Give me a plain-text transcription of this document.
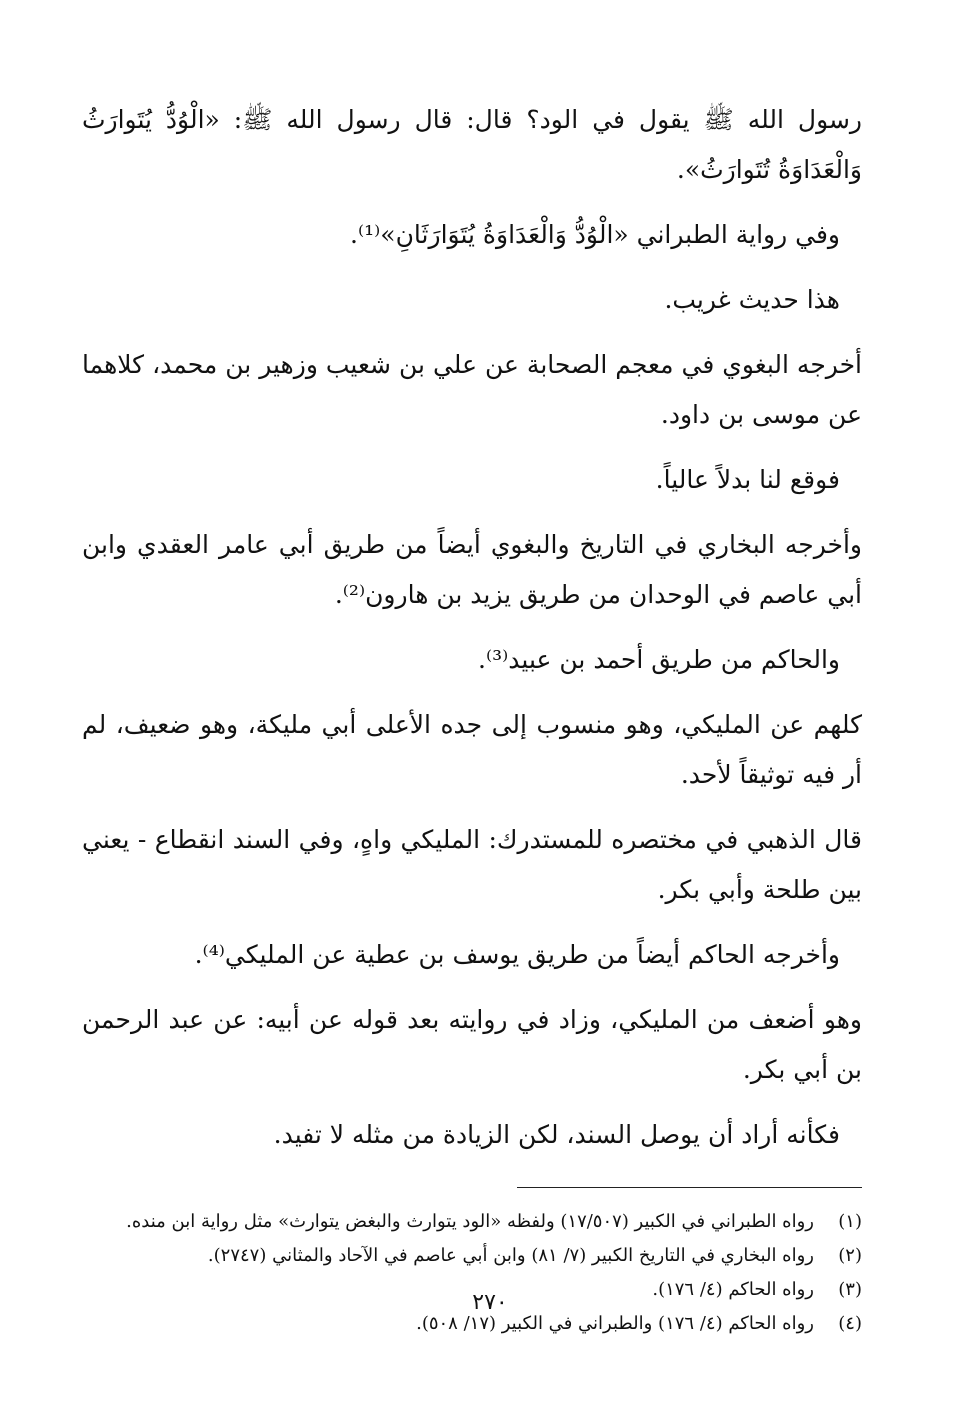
رسول الله ﷺ يقول في الود؟ قال: قال رسول الله ﷺ: «الْوُدُّ يُتَوارَثُ وَالْعَدَاوَةُ تُتَوارَثُ».

وفي رواية الطبراني «الْوُدُّ وَالْعَدَاوَةُ يُتَوَارَثَانِ»⁽¹⁾.

هذا حديث غريب.

أخرجه البغوي في معجم الصحابة عن علي بن شعيب وزهير بن محمد، كلاهما عن موسى بن داود.

فوقع لنا بدلاً عالياً.

وأخرجه البخاري في التاريخ والبغوي أيضاً من طريق أبي عامر العقدي وابن أبي عاصم في الوحدان من طريق يزيد بن هارون⁽²⁾.

والحاكم من طريق أحمد بن عبيد⁽³⁾.

كلهم عن المليكي، وهو منسوب إلى جده الأعلى أبي مليكة، وهو ضعيف، لم أر فيه توثيقاً لأحد.

قال الذهبي في مختصره للمستدرك: المليكي واهٍ، وفي السند انقطاع - يعني بين طلحة وأبي بكر.

وأخرجه الحاكم أيضاً من طريق يوسف بن عطية عن المليكي⁽⁴⁾.

وهو أضعف من المليكي، وزاد في روايته بعد قوله عن أبيه: عن عبد الرحمن بن أبي بكر.

فكأنه أراد أن يوصل السند، لكن الزيادة من مثله لا تفيد.

(١)
رواه الطبراني في الكبير (١٧/٥٠٧) ولفظه «الود يتوارث والبغض يتوارث» مثل رواية ابن منده.
(٢)
رواه البخاري في التاريخ الكبير (٧/ ٨١) وابن أبي عاصم في الآحاد والمثاني (٢٧٤٧).
(٣)
رواه الحاكم (٤/ ١٧٦).
(٤)
رواه الحاكم (٤/ ١٧٦) والطبراني في الكبير (١٧/ ٥٠٨).
٢٧٠
